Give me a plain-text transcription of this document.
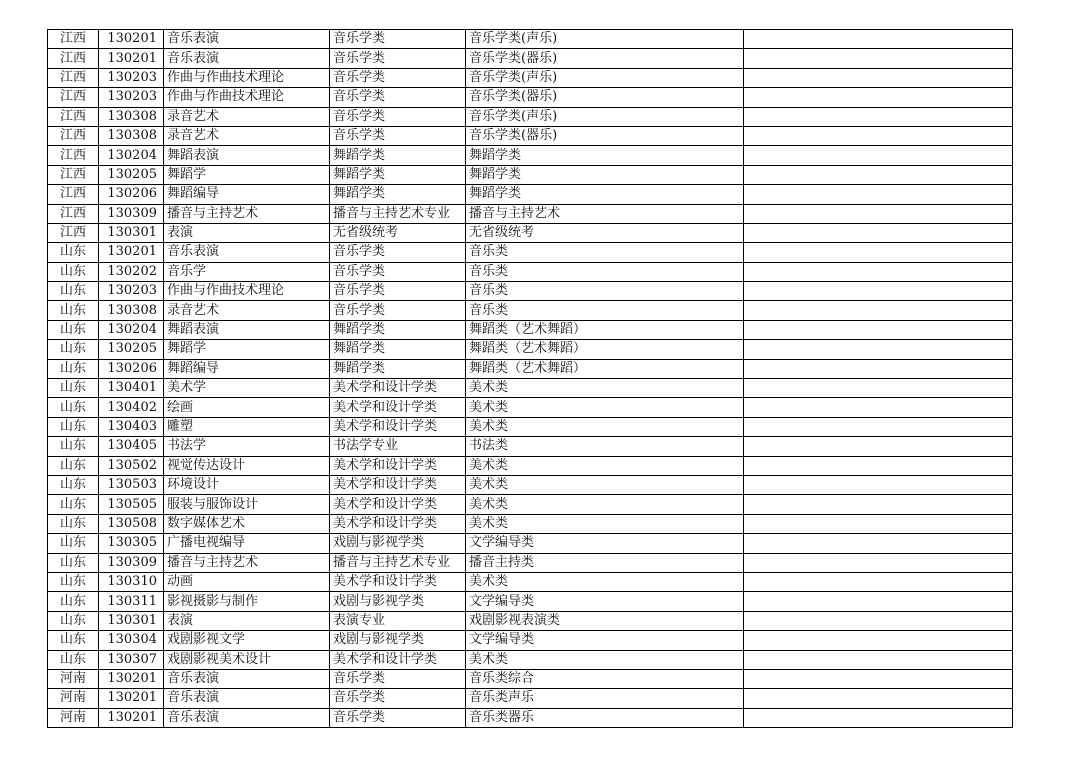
江西	130201	音乐表演	音乐学类	音乐学类(声乐)	
江西	130201	音乐表演	音乐学类	音乐学类(器乐)	
江西	130203	作曲与作曲技术理论	音乐学类	音乐学类(声乐)	
江西	130203	作曲与作曲技术理论	音乐学类	音乐学类(器乐)	
江西	130308	录音艺术	音乐学类	音乐学类(声乐)	
江西	130308	录音艺术	音乐学类	音乐学类(器乐)	
江西	130204	舞蹈表演	舞蹈学类	舞蹈学类	
江西	130205	舞蹈学	舞蹈学类	舞蹈学类	
江西	130206	舞蹈编导	舞蹈学类	舞蹈学类	
江西	130309	播音与主持艺术	播音与主持艺术专业	播音与主持艺术	
江西	130301	表演	无省级统考	无省级统考	
山东	130201	音乐表演	音乐学类	音乐类	
山东	130202	音乐学	音乐学类	音乐类	
山东	130203	作曲与作曲技术理论	音乐学类	音乐类	
山东	130308	录音艺术	音乐学类	音乐类	
山东	130204	舞蹈表演	舞蹈学类	舞蹈类（艺术舞蹈）	
山东	130205	舞蹈学	舞蹈学类	舞蹈类（艺术舞蹈）	
山东	130206	舞蹈编导	舞蹈学类	舞蹈类（艺术舞蹈）	
山东	130401	美术学	美术学和设计学类	美术类	
山东	130402	绘画	美术学和设计学类	美术类	
山东	130403	雕塑	美术学和设计学类	美术类	
山东	130405	书法学	书法学专业	书法类	
山东	130502	视觉传达设计	美术学和设计学类	美术类	
山东	130503	环境设计	美术学和设计学类	美术类	
山东	130505	服装与服饰设计	美术学和设计学类	美术类	
山东	130508	数字媒体艺术	美术学和设计学类	美术类	
山东	130305	广播电视编导	戏剧与影视学类	文学编导类	
山东	130309	播音与主持艺术	播音与主持艺术专业	播音主持类	
山东	130310	动画	美术学和设计学类	美术类	
山东	130311	影视摄影与制作	戏剧与影视学类	文学编导类	
山东	130301	表演	表演专业	戏剧影视表演类	
山东	130304	戏剧影视文学	戏剧与影视学类	文学编导类	
山东	130307	戏剧影视美术设计	美术学和设计学类	美术类	
河南	130201	音乐表演	音乐学类	音乐类综合	
河南	130201	音乐表演	音乐学类	音乐类声乐	
河南	130201	音乐表演	音乐学类	音乐类器乐	
